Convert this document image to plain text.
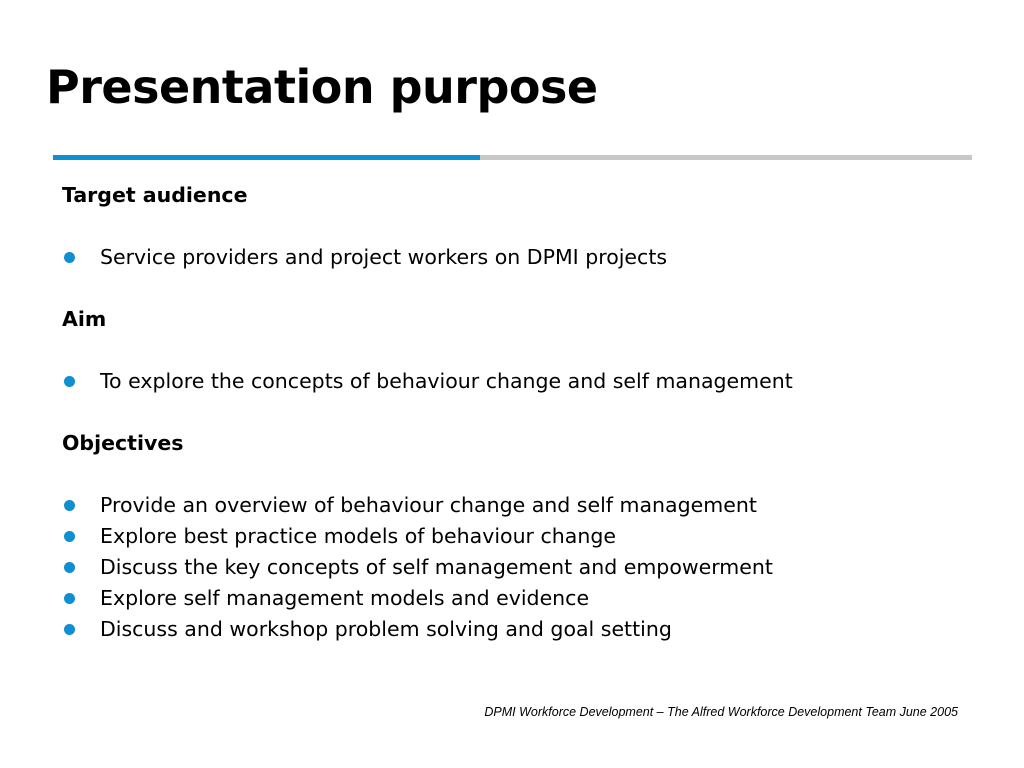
Presentation purpose
Target audience
Service providers and project workers on DPMI projects
Aim
To explore the concepts of behaviour change and self management
Objectives
Provide an overview of behaviour change and self management
Explore best practice models of behaviour change
Discuss the key concepts of self management and empowerment
Explore self management models and evidence
Discuss and workshop problem solving and goal setting
DPMI Workforce Development – The Alfred Workforce Development Team June 2005
